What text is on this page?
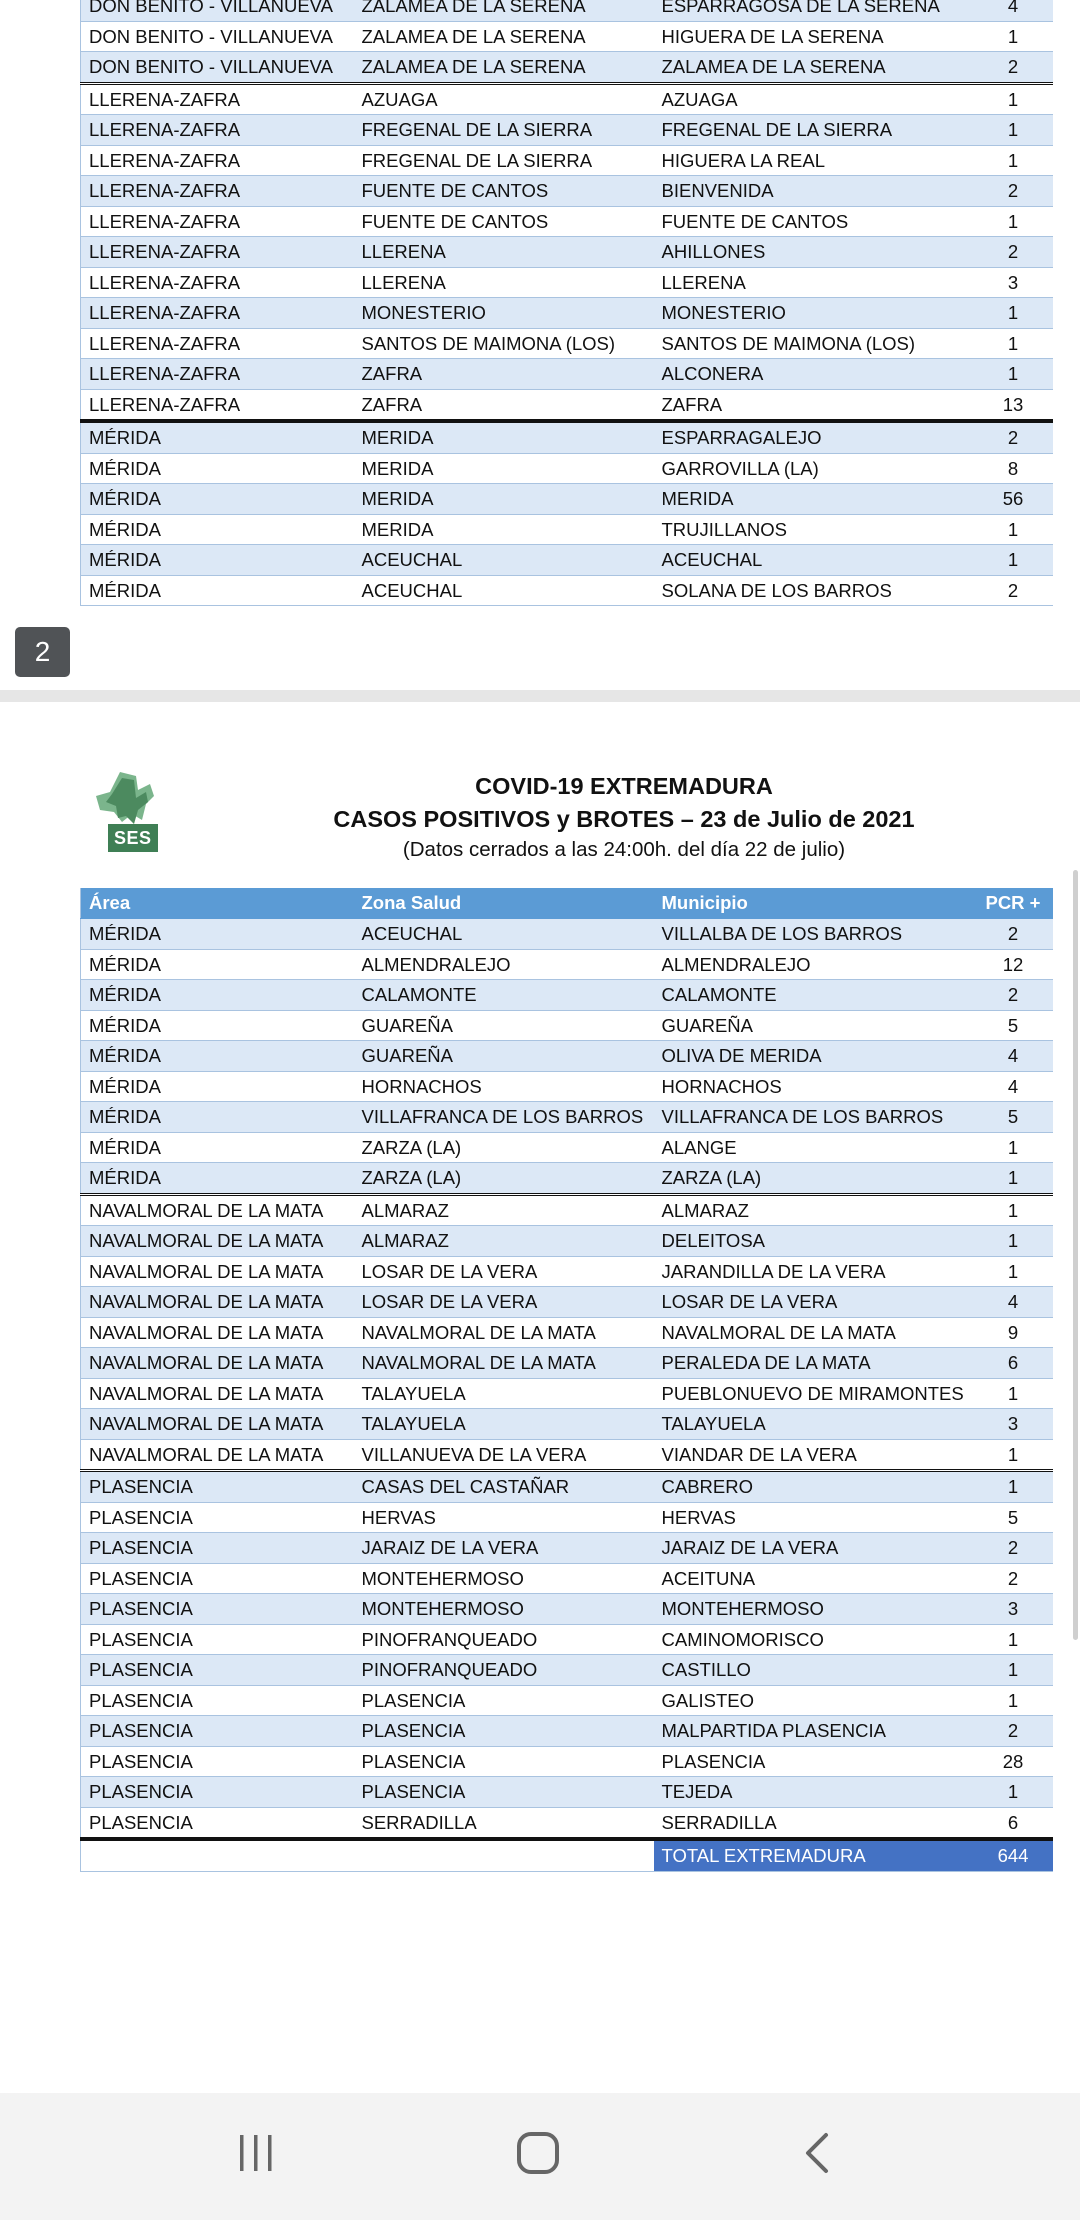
DON BENITO - VILLANUEVA	ZALAMEA DE LA SERENA	ESPARRAGOSA DE LA SERENA	4
DON BENITO - VILLANUEVA	ZALAMEA DE LA SERENA	HIGUERA DE LA SERENA	1
DON BENITO - VILLANUEVA	ZALAMEA DE LA SERENA	ZALAMEA DE LA SERENA	2
LLERENA-ZAFRA	AZUAGA	AZUAGA	1
LLERENA-ZAFRA	FREGENAL DE LA SIERRA	FREGENAL DE LA SIERRA	1
LLERENA-ZAFRA	FREGENAL DE LA SIERRA	HIGUERA LA REAL	1
LLERENA-ZAFRA	FUENTE DE CANTOS	BIENVENIDA	2
LLERENA-ZAFRA	FUENTE DE CANTOS	FUENTE DE CANTOS	1
LLERENA-ZAFRA	LLERENA	AHILLONES	2
LLERENA-ZAFRA	LLERENA	LLERENA	3
LLERENA-ZAFRA	MONESTERIO	MONESTERIO	1
LLERENA-ZAFRA	SANTOS DE MAIMONA (LOS)	SANTOS DE MAIMONA (LOS)	1
LLERENA-ZAFRA	ZAFRA	ALCONERA	1
LLERENA-ZAFRA	ZAFRA	ZAFRA	13
MÉRIDA	MERIDA	ESPARRAGALEJO	2
MÉRIDA	MERIDA	GARROVILLA (LA)	8
MÉRIDA	MERIDA	MERIDA	56
MÉRIDA	MERIDA	TRUJILLANOS	1
MÉRIDA	ACEUCHAL	ACEUCHAL	1
MÉRIDA	ACEUCHAL	SOLANA DE LOS BARROS	2
2
SES
COVID-19 EXTREMADURA
CASOS POSITIVOS y BROTES – 23 de Julio de 2021
(Datos cerrados a las 24:00h. del día 22 de julio)
Área	Zona Salud	Municipio	PCR +
MÉRIDA	ACEUCHAL	VILLALBA DE LOS BARROS	2
MÉRIDA	ALMENDRALEJO	ALMENDRALEJO	12
MÉRIDA	CALAMONTE	CALAMONTE	2
MÉRIDA	GUAREÑA	GUAREÑA	5
MÉRIDA	GUAREÑA	OLIVA DE MERIDA	4
MÉRIDA	HORNACHOS	HORNACHOS	4
MÉRIDA	VILLAFRANCA DE LOS BARROS	VILLAFRANCA DE LOS BARROS	5
MÉRIDA	ZARZA (LA)	ALANGE	1
MÉRIDA	ZARZA (LA)	ZARZA (LA)	1
NAVALMORAL DE LA MATA	ALMARAZ	ALMARAZ	1
NAVALMORAL DE LA MATA	ALMARAZ	DELEITOSA	1
NAVALMORAL DE LA MATA	LOSAR DE LA VERA	JARANDILLA DE LA VERA	1
NAVALMORAL DE LA MATA	LOSAR DE LA VERA	LOSAR DE LA VERA	4
NAVALMORAL DE LA MATA	NAVALMORAL DE LA MATA	NAVALMORAL DE LA MATA	9
NAVALMORAL DE LA MATA	NAVALMORAL DE LA MATA	PERALEDA DE LA MATA	6
NAVALMORAL DE LA MATA	TALAYUELA	PUEBLONUEVO DE MIRAMONTES	1
NAVALMORAL DE LA MATA	TALAYUELA	TALAYUELA	3
NAVALMORAL DE LA MATA	VILLANUEVA DE LA VERA	VIANDAR DE LA VERA	1
PLASENCIA	CASAS DEL CASTAÑAR	CABRERO	1
PLASENCIA	HERVAS	HERVAS	5
PLASENCIA	JARAIZ DE LA VERA	JARAIZ DE LA VERA	2
PLASENCIA	MONTEHERMOSO	ACEITUNA	2
PLASENCIA	MONTEHERMOSO	MONTEHERMOSO	3
PLASENCIA	PINOFRANQUEADO	CAMINOMORISCO	1
PLASENCIA	PINOFRANQUEADO	CASTILLO	1
PLASENCIA	PLASENCIA	GALISTEO	1
PLASENCIA	PLASENCIA	MALPARTIDA PLASENCIA	2
PLASENCIA	PLASENCIA	PLASENCIA	28
PLASENCIA	PLASENCIA	TEJEDA	1
PLASENCIA	SERRADILLA	SERRADILLA	6
		TOTAL EXTREMADURA	644
